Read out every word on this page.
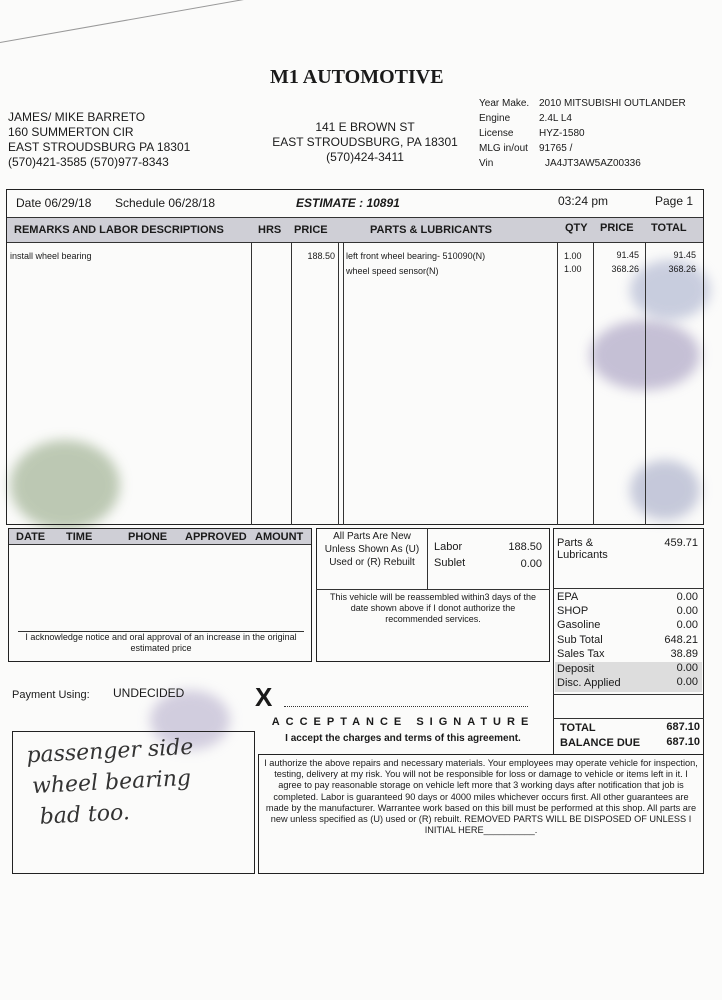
M1 AUTOMOTIVE
141 E BROWN ST
EAST STROUDSBURG, PA 18301
(570)424-3411
JAMES/ MIKE BARRETO
160 SUMMERTON CIR
EAST STROUDSBURG PA 18301
(570)421-3585 (570)977-8343
Year Make. 2010 MITSUBISHI OUTLANDER
Engine	2.4L L4
License	HYZ-1580
MLG in/out 91765 /
Vin	JA4JT3AW5AZ00336
Date 06/29/18 Schedule 06/28/18	ESTIMATE : 10891	03:24 pm	Page 1
REMARKS AND LABOR DESCRIPTIONS	HRS PRICE	PARTS & LUBRICANTS	QTY PRICE TOTAL
install wheel bearing	188.50 left front wheel bearing- 510090(N)	1.00	91.45	91.45
wheel speed sensor(N)	1.00	368.26	368.26
DATE TIME	PHONE APPROVED AMOUNT
I acknowledge notice and oral approval of an increase in the original estimated price
All Parts Are New Unless Shown As (U) Used or (R) Rebuilt
Labor	188.50
Sublet	0.00
This vehicle will be reassembled within3 days of the date shown above if I donot authorize the recommended services.
Parts & Lubricants
459.71
EPA	0.00
SHOP	0.00
Gasoline	0.00
Sub Total	648.21
Sales Tax	38.89
Deposit	0.00
Disc. Applied	0.00
TOTAL	687.10
BALANCE DUE	687.10
Payment Using: UNDECIDED	X
ACCEPTANCE SIGNATURE
I accept the charges and terms of this agreement.
passenger side
wheel bearing
bad too.
I authorize the above repairs and necessary materials. Your employees may operate vehicle for inspection, testing, delivery at my risk. You will not be responsible for loss or damage to vehicle or items left in it. I agree to pay reasonable storage on vehicle left more that 3 working days after notification that job is completed. Labor is guaranteed 90 days or 4000 miles whichever occurs first. All other guarantees are made by the manufacturer. Warrantee work based on this bill must be performed at this shop. All parts are new unless specified as (U) used or (R) rebuilt. REMOVED PARTS WILL BE DISPOSED OF UNLESS I INITIAL HERE__________.
